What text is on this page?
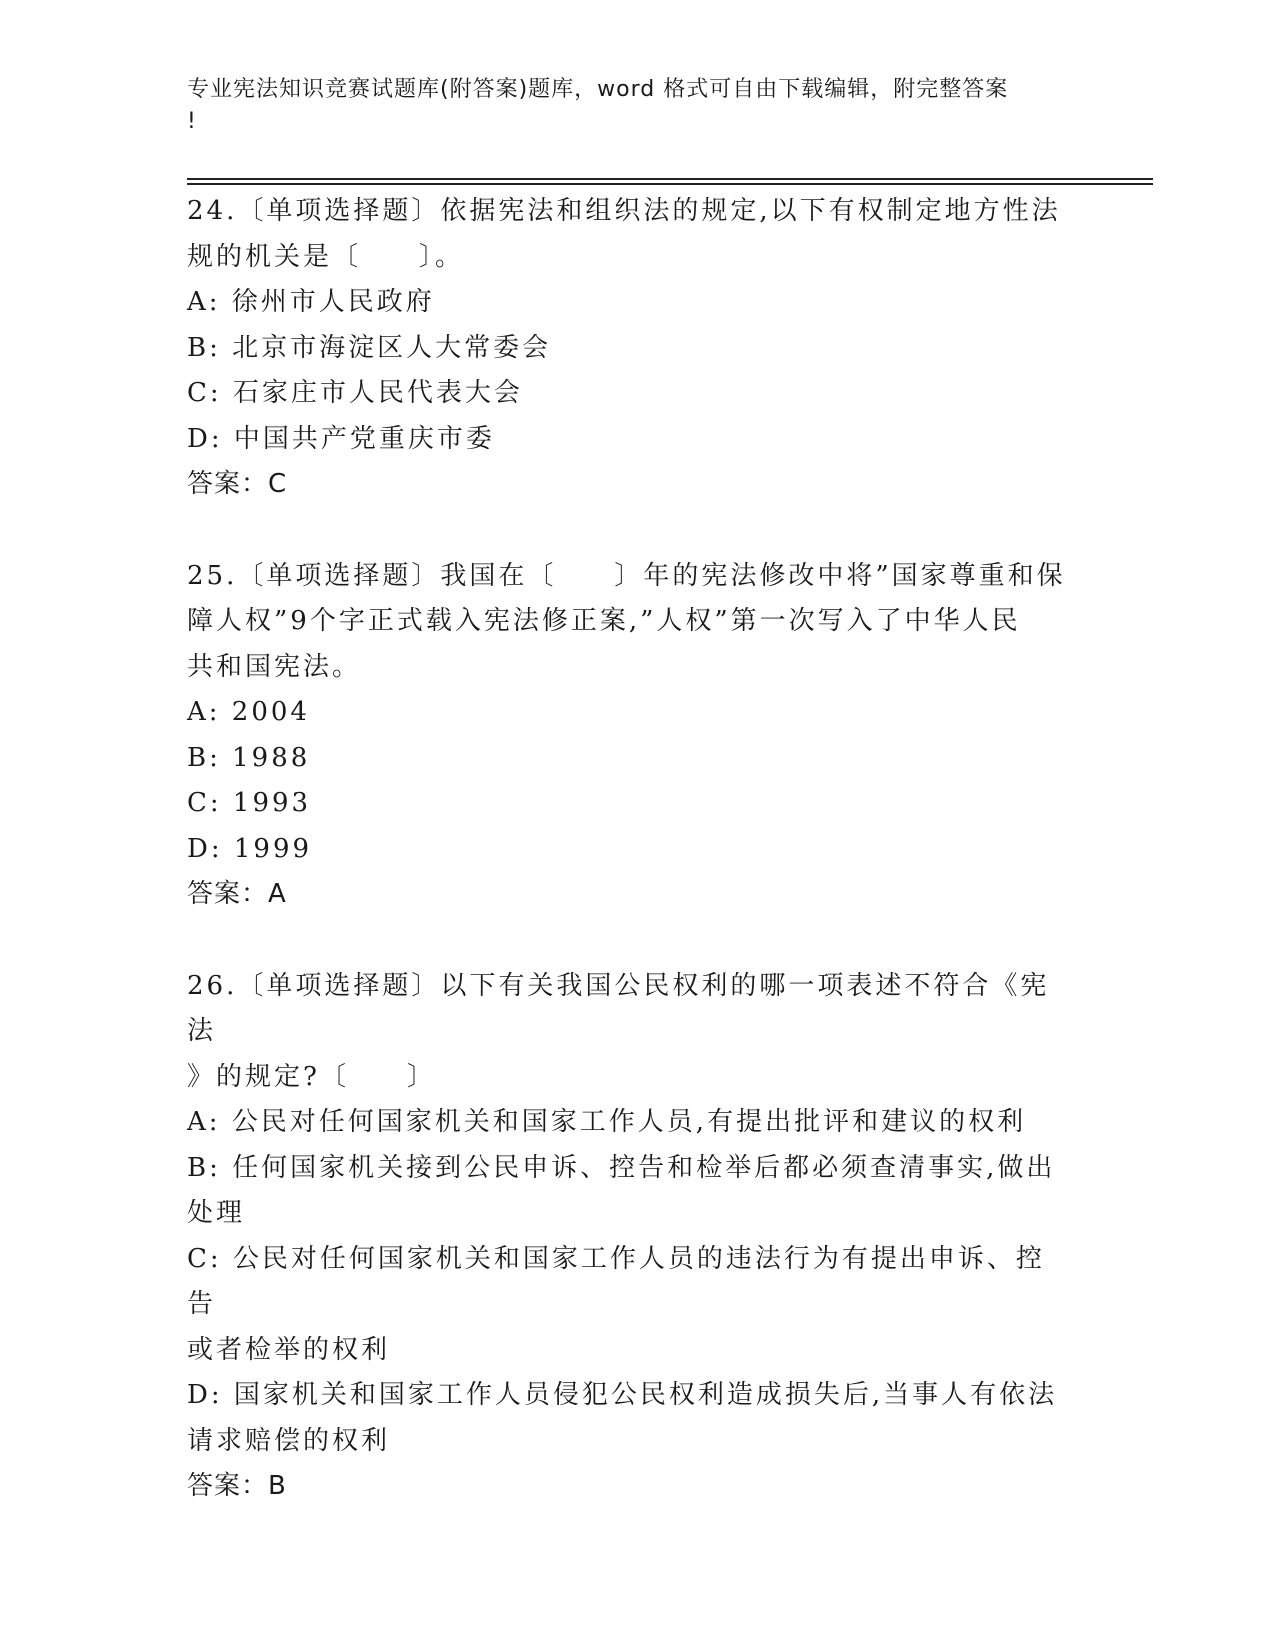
专业宪法知识竞赛试题库(附答案)题库，word 格式可自由下载编辑，附完整答案
!
24.〔单项选择题〕依据宪法和组织法的规定,以下有权制定地方性法
规的机关是〔　　〕。
A: 徐州市人民政府
B: 北京市海淀区人大常委会
C: 石家庄市人民代表大会
D: 中国共产党重庆市委
答案：C
25.〔单项选择题〕我国在〔　　〕年的宪法修改中将”国家尊重和保
障人权”9个字正式载入宪法修正案,”人权”第一次写入了中华人民
共和国宪法。
A: 2004
B: 1988
C: 1993
D: 1999
答案：A
26.〔单项选择题〕以下有关我国公民权利的哪一项表述不符合《宪法
》的规定?〔　　〕
A: 公民对任何国家机关和国家工作人员,有提出批评和建议的权利
B: 任何国家机关接到公民申诉、控告和检举后都必须查清事实,做出
处理
C: 公民对任何国家机关和国家工作人员的违法行为有提出申诉、控告
或者检举的权利
D: 国家机关和国家工作人员侵犯公民权利造成损失后,当事人有依法
请求赔偿的权利
答案：B
